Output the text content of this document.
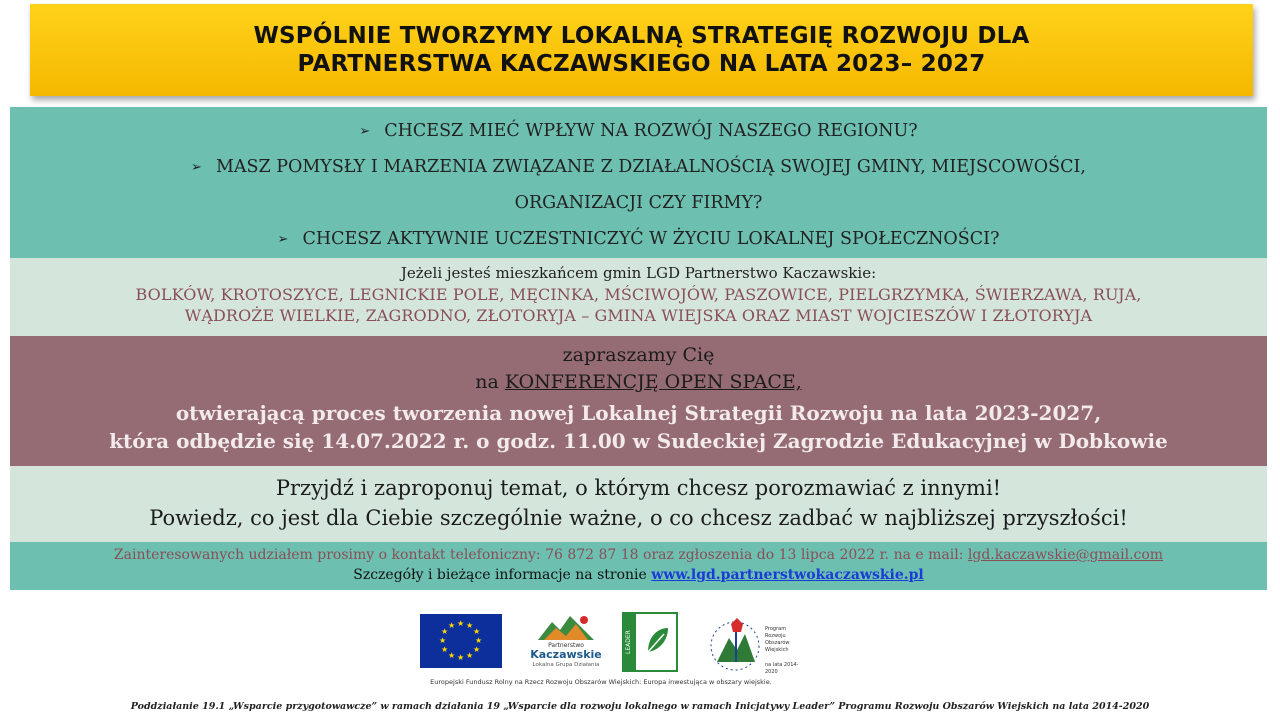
WSPÓLNIE TWORZYMY LOKALNĄ STRATEGIĘ ROZWOJU DLA
PARTNERSTWA KACZAWSKIEGO NA LATA 2023– 2027
➢ CHCESZ MIEĆ WPŁYW NA ROZWÓJ NASZEGO REGIONU?
➢ MASZ POMYSŁY I MARZENIA ZWIĄZANE Z DZIAŁALNOŚCIĄ SWOJEJ GMINY, MIEJSCOWOŚCI,
ORGANIZACJI CZY FIRMY?
➢ CHCESZ AKTYWNIE UCZESTNICZYĆ W ŻYCIU LOKALNEJ SPOŁECZNOŚCI?
Jeżeli jesteś mieszkańcem gmin LGD Partnerstwo Kaczawskie:
BOLKÓW, KROTOSZYCE, LEGNICKIE POLE, MĘCINKA, MŚCIWOJÓW, PASZOWICE, PIELGRZYMKA, ŚWIERZAWA, RUJA,
WĄDROŻE WIELKIE, ZAGRODNO, ZŁOTORYJA – GMINA WIEJSKA ORAZ MIAST WOJCIESZÓW I ZŁOTORYJA
zapraszamy Cię
na KONFERENCJĘ OPEN SPACE,
otwierającą proces tworzenia nowej Lokalnej Strategii Rozwoju na lata 2023-2027,
która odbędzie się 14.07.2022 r. o godz. 11.00 w Sudeckiej Zagrodzie Edukacyjnej w Dobkowie
Przyjdź i zaproponuj temat, o którym chcesz porozmawiać z innymi!
Powiedz, co jest dla Ciebie szczególnie ważne, o co chcesz zadbać w najbliższej przyszłości!
Zainteresowanych udziałem prosimy o kontakt telefoniczny: 76 872 87 18 oraz zgłoszenia do 13 lipca 2022 r. na e mail: lgd.kaczawskie@gmail.com
Szczegóły i bieżące informacje na stronie www.lgd.partnerstwokaczawskie.pl
★ ★
★
★
★
★
★
★
★
★
★
★
Partnerstwo
Kaczawskie
Lokalna Grupa Działania
LEADER
Program
Rozwoju
Obszarów
Wiejskich
na lata 2014-2020
Europejski Fundusz Rolny na Rzecz Rozwoju Obszarów Wiejskich: Europa inwestująca w obszary wiejskie.
Poddziałanie 19.1 „Wsparcie przygotowawcze” w ramach działania 19 „Wsparcie dla rozwoju lokalnego w ramach Inicjatywy Leader” Programu Rozwoju Obszarów Wiejskich na lata 2014-2020
